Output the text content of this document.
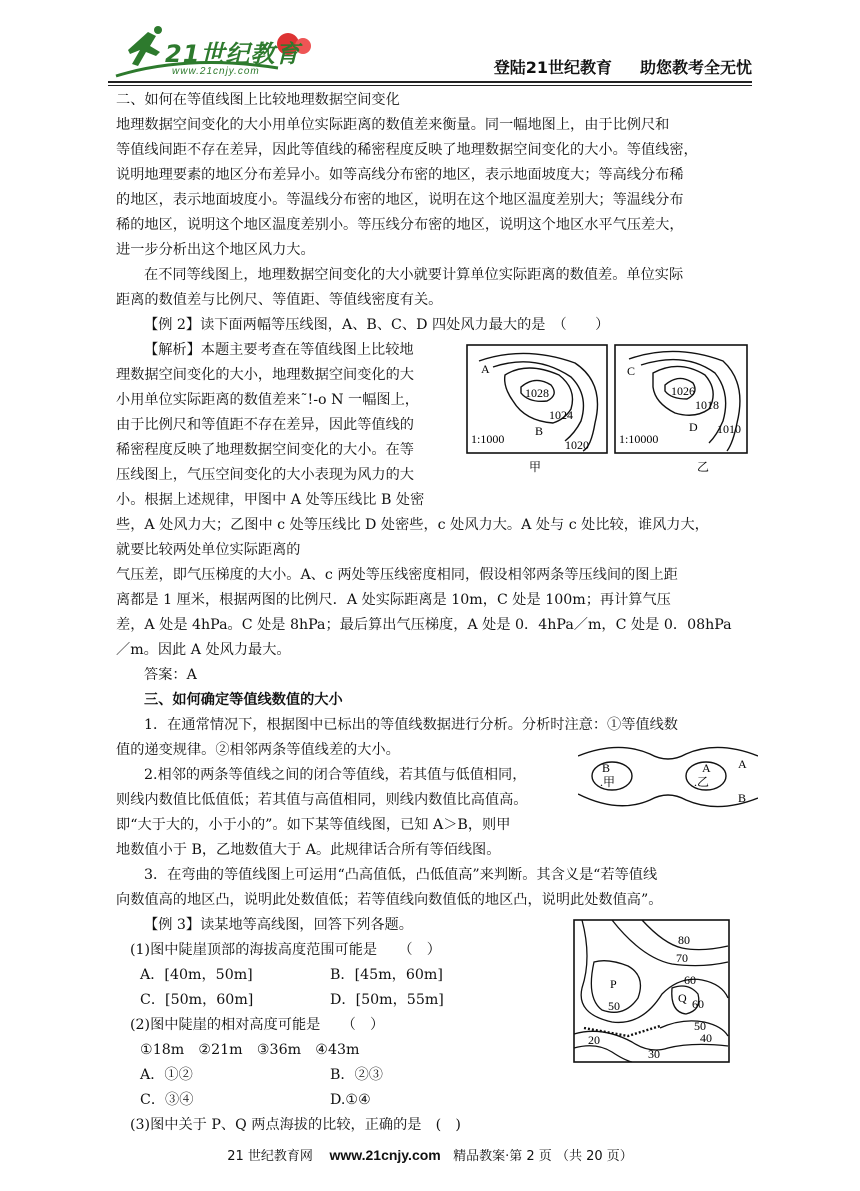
21世纪教育
www.21cnjy.com	登陆21世纪教育 助您教考全无忧
二、如何在等值线图上比较地理数据空间变化
地理数据空间变化的大小用单位实际距离的数值差来衡量。同一幅地图上，由于比例尺和
等值线间距不存在差异，因此等值线的稀密程度反映了地理数据空间变化的大小。等值线密，
说明地理要素的地区分布差异小。如等高线分布密的地区，表示地面坡度大；等高线分布稀
的地区，表示地面坡度小。等温线分布密的地区，说明在这个地区温度差别大；等温线分布
稀的地区，说明这个地区温度差别小。等压线分布密的地区，说明这个地区水平气压差大，
进一步分析出这个地区风力大。
在不同等线图上，地理数据空间变化的大小就要计算单位实际距离的数值差。单位实际
距离的数值差与比例尺、等值距、等值线密度有关。
【例 2】读下面两幅等压线图，A、B、C、D 四处风力最大的是　（　　）
【解析】本题主要考查在等值线图上比较地
理数据空间变化的大小，地理数据空间变化的大
小用单位实际距离的数值差来˜!-o N 一幅图上，
由于比例尺和等值距不存在差异，因此等值线的
稀密程度反映了地理数据空间变化的大小。在等
压线图上，气压空间变化的大小表现为风力的大
小。根据上述规律，甲图中 A 处等压线比 B 处密
A
1028
1024
B
1020
1:1000
甲
C
1026
1018
D 1010
1:10000
乙
些，A 处风力大；乙图中 c 处等压线比 D 处密些，c 处风力大。A 处与 c 处比较，谁风力大，
就要比较两处单位实际距离的
气压差，即气压梯度的大小。A、c 两处等压线密度相同，假设相邻两条等压线间的图上距
离都是 1 厘米，根据两图的比例尺．A 处实际距离是 10m，C 处是 100m；再计算气压
差，A 处是 4hPa。C 处是 8hPa；最后算出气压梯度，A 处是 0．4hPa／m，C 处是 0．08hPa
／m。因此 A 处风力最大。
答案：A
三、如何确定等值线数值的大小
1．在通常情况下，根据图中已标出的等值线数据进行分析。分析时注意：①等值线数
值的递变规律。②相邻两条等值线差的大小。
2.相邻的两条等值线之间的闭合等值线，若其值与低值相同，
则线内数值比低值低；若其值与高值相同，则线内数值比高值高。
即“大于大的，小于小的”。如下某等值线图，已知 A＞B，则甲
地数值小于 B，乙地数值大于 A。此规律话合所有等佰线图。
B
.甲
A
.乙
A
B
3．在弯曲的等值线图上可运用“凸高值低，凸低值高”来判断。其含义是“若等值线
向数值高的地区凸，说明此处数值低；若等值线向数值低的地区凸，说明此处数值高”。
【例 3】读某地等高线图，回答下列各题。
(1)图中陡崖顶部的海拔高度范围可能是　　（　）
A．[40m，50m]	B．[45m，60m]
C．[50m，60m]	D．[50m，55m]
(2)图中陡崖的相对高度可能是　　（　）
①18m　②21m　③36m　④43m
A．①②	B．②③
C．③④	D.①④
(3)图中关于 P、Q 两点海拔的比较，正确的是　(　)
80
70
60
P
50
Q 60
50
40
30
20
21 世纪教育网 www.21cnjy.com 精品教案·第 2 页 （共 20 页）
